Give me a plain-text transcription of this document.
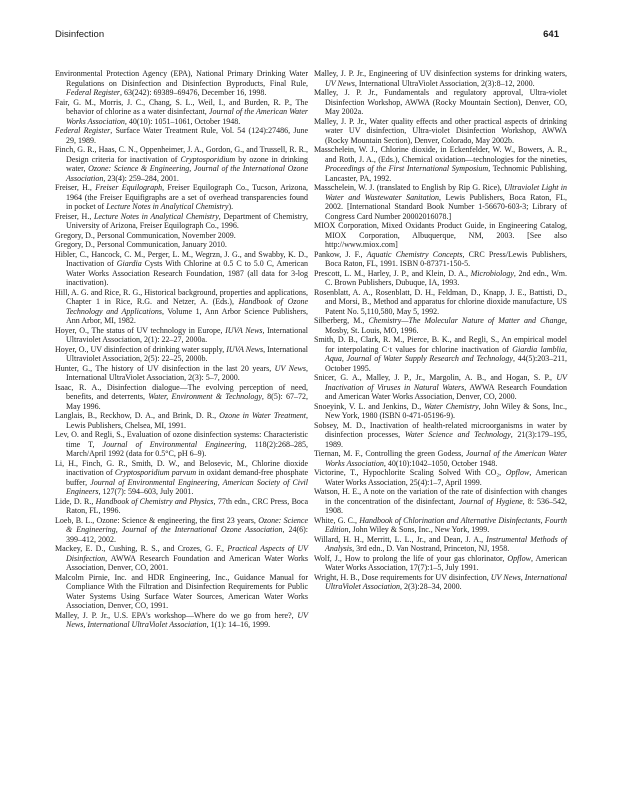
Disinfection	641

Environmental Protection Agency (EPA), National Primary Drinking Water Regulations on Disinfection and Disinfection Byproducts, Final Rule, Federal Register, 63(242): 69389–69476, December 16, 1998.

Fair, G. M., Morris, J. C., Chang, S. L., Weil, I., and Burden, R. P., The behavior of chlorine as a water disinfectant, Journal of the American Water Works Association, 40(10): 1051–1061, October 1948.

Federal Register, Surface Water Treatment Rule, Vol. 54 (124):27486, June 29, 1989.

Finch, G. R., Haas, C. N., Oppenheimer, J. A., Gordon, G., and Trussell, R. R., Design criteria for inactivation of Cryptosporidium by ozone in drinking water, Ozone: Science & Engineering, Journal of the International Ozone Association, 23(4): 259–284, 2001.

Freiser, H., Freiser Equilograph, Freiser Equilograph Co., Tucson, Arizona, 1964 (the Freiser Equifigraphs are a set of overhead transparencies found in pocket of Lecture Notes in Analytical Chemistry).

Freiser, H., Lecture Notes in Analytical Chemistry, Department of Chemistry, University of Arizona, Freiser Equilograph Co., 1996.

Gregory, D., Personal Communication, November 2009.

Gregory, D., Personal Communication, January 2010.

Hibler, C., Hancock, C. M., Perger, L. M., Wegrzn, J. G., and Swabby, K. D., Inactivation of Giardia Cysts With Chlorine at 0.5 C to 5.0 C, American Water Works Association Research Foundation, 1987 (all data for 3-log inactivation).

Hill, A. G. and Rice, R. G., Historical background, properties and applications, Chapter 1 in Rice, R.G. and Netzer, A. (Eds.), Handbook of Ozone Technology and Applications, Volume 1, Ann Arbor Science Publishers, Ann Arbor, MI, 1982.

Hoyer, O., The status of UV technology in Europe, IUVA News, International Ultraviolet Association, 2(1): 22–27, 2000a.

Hoyer, O., UV disinfection of drinking water supply, IUVA News, International Ultraviolet Association, 2(5): 22–25, 2000b.

Hunter, G., The history of UV disinfection in the last 20 years, UV News, International UltraViolet Association, 2(3): 5–7, 2000.

Isaac, R. A., Disinfection dialogue—The evolving perception of need, benefits, and deterrents, Water, Environment & Technology, 8(5): 67–72, May 1996.

Langlais, B., Reckhow, D. A., and Brink, D. R., Ozone in Water Treatment, Lewis Publishers, Chelsea, MI, 1991.

Lev, O. and Regli, S., Evaluation of ozone disinfection systems: Characteristic time T, Journal of Environmental Engineering, 118(2):268–285, March/April 1992 (data for 0.5°C, pH 6–9).

Li, H., Finch, G. R., Smith, D. W., and Belosevic, M., Chlorine dioxide inactivation of Cryptosporidium parvum in oxidant demand-free phosphate buffer, Journal of Environmental Engineering, American Society of Civil Engineers, 127(7): 594–603, July 2001.

Lide, D. R., Handbook of Chemistry and Physics, 77th edn., CRC Press, Boca Raton, FL, 1996.

Loeb, B. L., Ozone: Science & engineering, the first 23 years, Ozone: Science & Engineering, Journal of the International Ozone Association, 24(6): 399–412, 2002.

Mackey, E. D., Cushing, R. S., and Crozes, G. F., Practical Aspects of UV Disinfection, AWWA Research Foundation and American Water Works Association, Denver, CO, 2001.

Malcolm Pirnie, Inc. and HDR Engineering, Inc., Guidance Manual for Compliance With the Filtration and Disinfection Requirements for Public Water Systems Using Surface Water Sources, American Water Works Association, Denver, CO, 1991.

Malley, J. P. Jr., U.S. EPA's workshop—Where do we go from here?, UV News, International UltraViolet Association, 1(1): 14–16, 1999.

Malley, J. P. Jr., Engineering of UV disinfection systems for drinking waters, UV News, International UltraViolet Association, 2(3):8–12, 2000.

Malley, J. P. Jr., Fundamentals and regulatory approval, Ultra-violet Disinfection Workshop, AWWA (Rocky Mountain Section), Denver, CO, May 2002a.

Malley, J. P. Jr., Water quality effects and other practical aspects of drinking water UV disinfection, Ultra-violet Disinfection Workshop, AWWA (Rocky Mountain Section), Denver, Colorado, May 2002b.

Masschelein, W. J., Chlorine dioxide, in Eckenfelder, W. W., Bowers, A. R., and Roth, J. A., (Eds.), Chemical oxidation—technologies for the nineties, Proceedings of the First International Symposium, Technomic Publishing, Lancaster, PA, 1992.

Masschelein, W. J. (translated to English by Rip G. Rice), Ultraviolet Light in Water and Wastewater Sanitation, Lewis Publishers, Boca Raton, FL, 2002. [International Standard Book Number 1-56670-603-3; Library of Congress Card Number 20002016078.]

MIOX Corporation, Mixed Oxidants Product Guide, in Engineering Catalog, MIOX Corporation, Albuquerque, NM, 2003. [See also http://www.miox.com]

Pankow, J. F., Aquatic Chemistry Concepts, CRC Press/Lewis Publishers, Boca Raton, FL, 1991. ISBN 0-87371-150-5.

Prescott, L. M., Harley, J. P., and Klein, D. A., Microbiology, 2nd edn., Wm. C. Brown Publishers, Dubuque, IA, 1993.

Rosenblatt, A. A., Rosenblatt, D. H., Feldman, D., Knapp, J. E., Battisti, D., and Morsi, B., Method and apparatus for chlorine dioxide manufacture, US Patent No. 5,110,580, May 5, 1992.

Silberberg, M., Chemistry—The Molecular Nature of Matter and Change, Mosby, St. Louis, MO, 1996.

Smith, D. B., Clark, R. M., Pierce, B. K., and Regli, S., An empirical model for interpolating C·t values for chlorine inactivation of Giardia lamblia, Aqua, Journal of Water Supply Research and Technology, 44(5):203–211, October 1995.

Snicer, G. A., Malley, J. P., Jr., Margolin, A. B., and Hogan, S. P., UV Inactivation of Viruses in Natural Waters, AWWA Research Foundation and American Water Works Association, Denver, CO, 2000.

Snoeyink, V. L. and Jenkins, D., Water Chemistry, John Wiley & Sons, Inc., New York, 1980 (ISBN 0-471-05196-9).

Sobsey, M. D., Inactivation of health-related microorganisms in water by disinfection processes, Water Science and Technology, 21(3):179–195, 1989.

Tiernan, M. F., Controlling the green Godess, Journal of the American Water Works Association, 40(10):1042–1050, October 1948.

Victorine, T., Hypochlorite Scaling Solved With CO₂, Opflow, American Water Works Association, 25(4):1–7, April 1999.

Watson, H. E., A note on the variation of the rate of disinfection with changes in the concentration of the disinfectant, Journal of Hygiene, 8: 536–542, 1908.

White, G. C., Handbook of Chlorination and Alternative Disinfectants, Fourth Edition, John Wiley & Sons, Inc., New York, 1999.

Willard, H. H., Merritt, L. L., Jr., and Dean, J. A., Instrumental Methods of Analysis, 3rd edn., D. Van Nostrand, Princeton, NJ, 1958.

Wolf, J., How to prolong the life of your gas chlorinator, Opflow, American Water Works Association, 17(7):1–5, July 1991.

Wright, H. B., Dose requirements for UV disinfection, UV News, International UltraViolet Association, 2(3):28–34, 2000.
